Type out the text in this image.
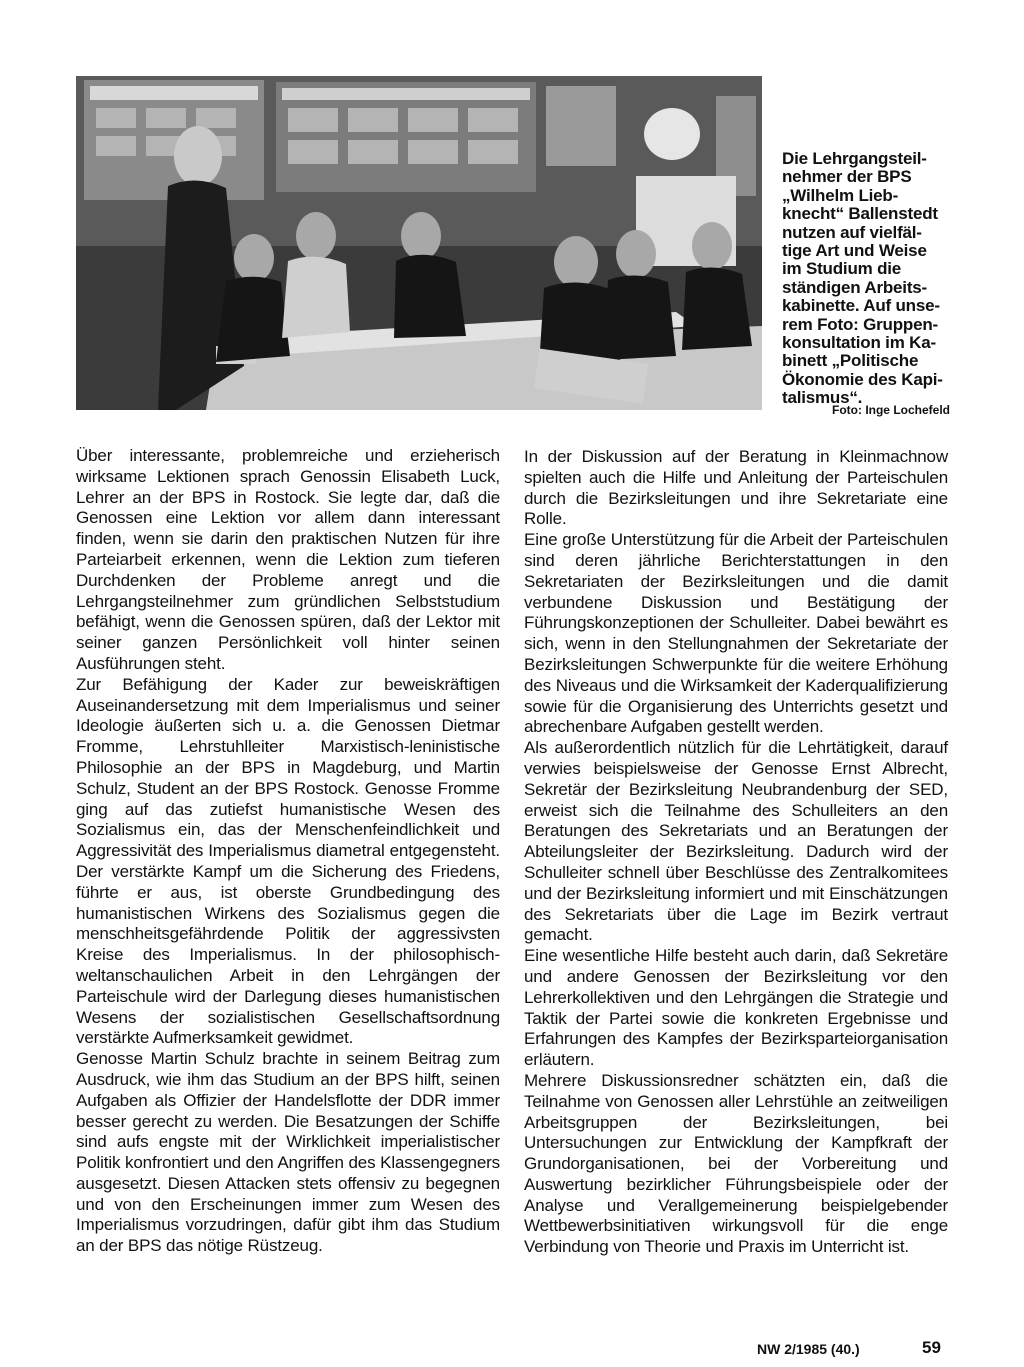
Die Lehrgangsteil-

nehmer der BPS

„Wilhelm Lieb-

knecht“ Ballenstedt

nutzen auf vielfäl-

tige Art und Weise

im Studium die

ständigen Arbeits-

kabinette. Auf unse-

rem Foto: Gruppen-

konsultation im Ka-

binett „Politische

Ökonomie des Kapi-

talismus“.

Foto: Inge Lochefeld

Über interessante, problemreiche und erzieherisch wirksame Lektionen sprach Genossin Elisabeth Luck, Lehrer an der BPS in Rostock. Sie legte dar, daß die Genossen eine Lektion vor allem dann interessant finden, wenn sie darin den praktischen Nutzen für ihre Parteiarbeit erkennen, wenn die Lektion zum tieferen Durchdenken der Probleme anregt und die Lehrgangsteilnehmer zum gründlichen Selbststudium befähigt, wenn die Genossen spüren, daß der Lektor mit seiner ganzen Persönlichkeit voll hinter seinen Ausführungen steht.

Zur Befähigung der Kader zur beweiskräftigen Auseinandersetzung mit dem Imperialismus und seiner Ideologie äußerten sich u. a. die Genossen Dietmar Fromme, Lehrstuhlleiter Marxistisch-leninistische Philosophie an der BPS in Magdeburg, und Martin Schulz, Student an der BPS Rostock. Genosse Fromme ging auf das zutiefst humanistische Wesen des Sozialismus ein, das der Menschenfeindlichkeit und Aggressivität des Imperialismus diametral entgegensteht. Der verstärkte Kampf um die Sicherung des Friedens, führte er aus, ist oberste Grundbedingung des humanistischen Wirkens des Sozialismus gegen die menschheitsgefährdende Politik der aggressivsten Kreise des Imperialismus. In der philosophisch-weltanschaulichen Arbeit in den Lehrgängen der Parteischule wird der Darlegung dieses humanistischen Wesens der sozialistischen Gesellschaftsordnung verstärkte Aufmerksamkeit gewidmet.

Genosse Martin Schulz brachte in seinem Beitrag zum Ausdruck, wie ihm das Studium an der BPS hilft, seinen Aufgaben als Offizier der Handelsflotte der DDR immer besser gerecht zu werden. Die Besatzungen der Schiffe sind aufs engste mit der Wirklichkeit imperialistischer Politik konfrontiert und den Angriffen des Klassengegners ausgesetzt. Diesen Attacken stets offensiv zu begegnen und von den Erscheinungen immer zum Wesen des Imperialismus vorzudringen, dafür gibt ihm das Studium an der BPS das nötige Rüstzeug.

In der Diskussion auf der Beratung in Kleinmachnow spielten auch die Hilfe und Anleitung der Parteischulen durch die Bezirksleitungen und ihre Sekretariate eine Rolle.

Eine große Unterstützung für die Arbeit der Parteischulen sind deren jährliche Berichterstattungen in den Sekretariaten der Bezirksleitungen und die damit verbundene Diskussion und Bestätigung der Führungskonzeptionen der Schulleiter. Dabei bewährt es sich, wenn in den Stellungnahmen der Sekretariate der Bezirksleitungen Schwerpunkte für die weitere Erhöhung des Niveaus und die Wirksamkeit der Kaderqualifizierung sowie für die Organisierung des Unterrichts gesetzt und abrechenbare Aufgaben gestellt werden.

Als außerordentlich nützlich für die Lehrtätigkeit, darauf verwies beispielsweise der Genosse Ernst Albrecht, Sekretär der Bezirksleitung Neubrandenburg der SED, erweist sich die Teilnahme des Schulleiters an den Beratungen des Sekretariats und an Beratungen der Abteilungsleiter der Bezirksleitung. Dadurch wird der Schulleiter schnell über Beschlüsse des Zentralkomitees und der Bezirksleitung informiert und mit Einschätzungen des Sekretariats über die Lage im Bezirk vertraut gemacht.

Eine wesentliche Hilfe besteht auch darin, daß Sekretäre und andere Genossen der Bezirksleitung vor den Lehrerkollektiven und den Lehrgängen die Strategie und Taktik der Partei sowie die konkreten Ergebnisse und Erfahrungen des Kampfes der Bezirksparteiorganisation erläutern.

Mehrere Diskussionsredner schätzten ein, daß die Teilnahme von Genossen aller Lehrstühle an zeitweiligen Arbeitsgruppen der Bezirksleitungen, bei Untersuchungen zur Entwicklung der Kampfkraft der Grundorganisationen, bei der Vorbereitung und Auswertung bezirklicher Führungsbeispiele oder der Analyse und Verallgemeinerung beispielgebender Wettbewerbsinitiativen wirkungsvoll für die enge Verbindung von Theorie und Praxis im Unterricht ist.

NW 2/1985 (40.)	59
